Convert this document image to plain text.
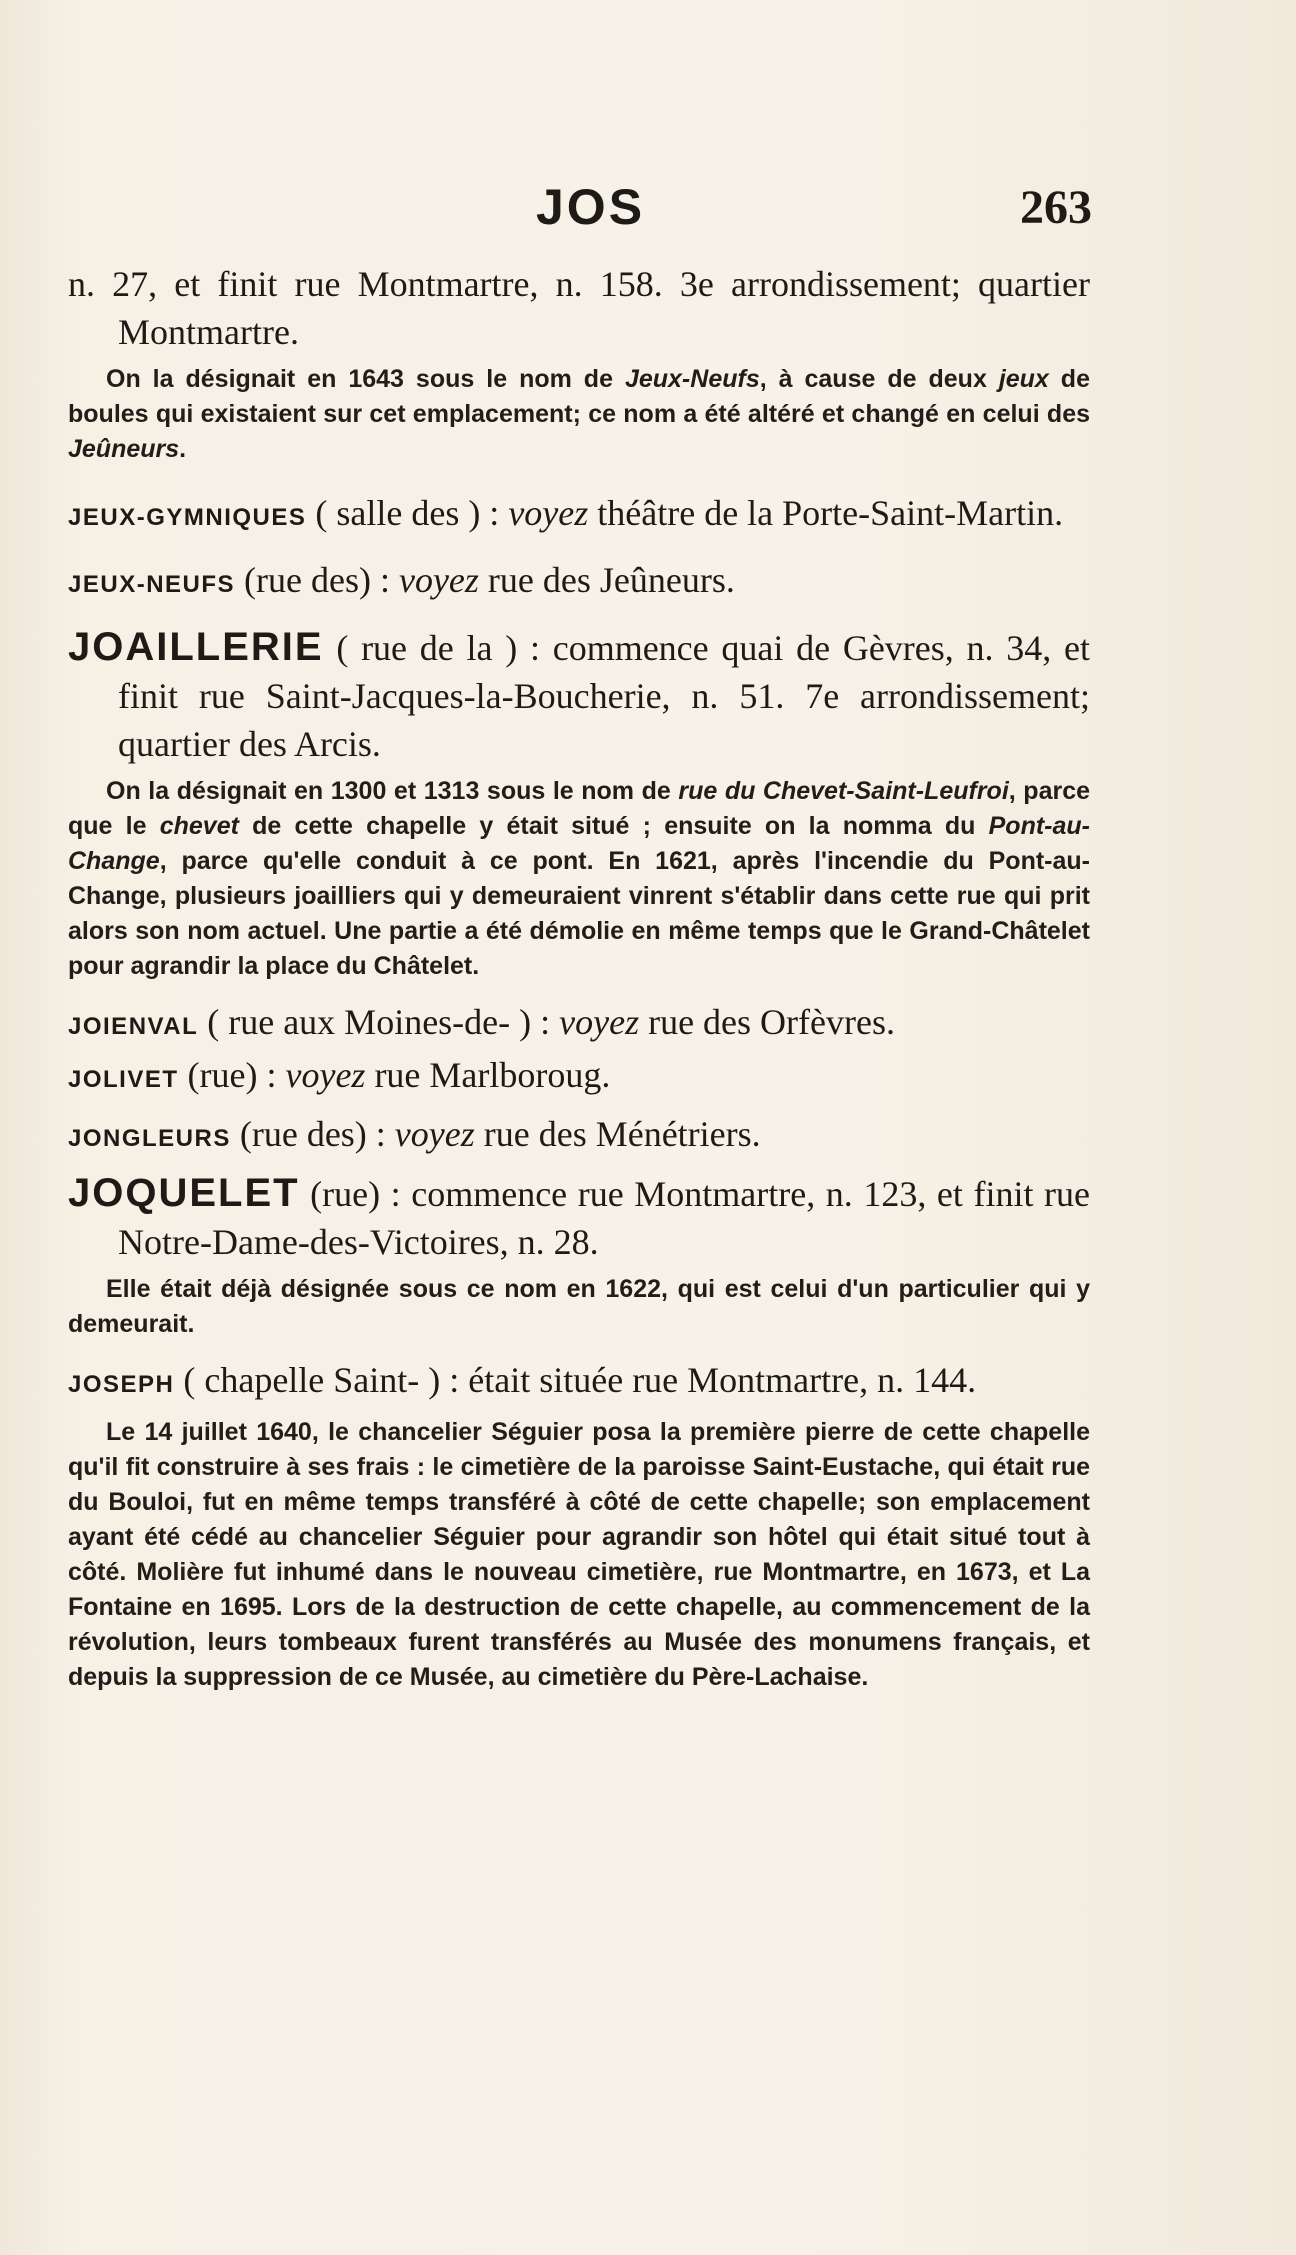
JOS	263

n. 27, et finit rue Montmartre, n. 158. 3e arrondissement; quartier Montmartre.

On la désignait en 1643 sous le nom de Jeux-Neufs, à cause de deux jeux de boules qui existaient sur cet emplacement; ce nom a été altéré et changé en celui des Jeûneurs.

JEUX-GYMNIQUES ( salle des ) : voyez théâtre de la Porte-Saint-Martin.

JEUX-NEUFS (rue des) : voyez rue des Jeûneurs.

JOAILLERIE ( rue de la ) : commence quai de Gèvres, n. 34, et finit rue Saint-Jacques-la-Boucherie, n. 51. 7e arrondissement; quartier des Arcis.

On la désignait en 1300 et 1313 sous le nom de rue du Chevet-Saint-Leufroi, parce que le chevet de cette chapelle y était situé ; ensuite on la nomma du Pont-au-Change, parce qu'elle conduit à ce pont. En 1621, après l'incendie du Pont-au-Change, plusieurs joailliers qui y demeuraient vinrent s'établir dans cette rue qui prit alors son nom actuel. Une partie a été démolie en même temps que le Grand-Châtelet pour agrandir la place du Châtelet.

JOIENVAL ( rue aux Moines-de- ) : voyez rue des Orfèvres.

JOLIVET (rue) : voyez rue Marlboroug.

JONGLEURS (rue des) : voyez rue des Ménétriers.

JOQUELET (rue) : commence rue Montmartre, n. 123, et finit rue Notre-Dame-des-Victoires, n. 28.

Elle était déjà désignée sous ce nom en 1622, qui est celui d'un particulier qui y demeurait.

JOSEPH ( chapelle Saint- ) : était située rue Montmartre, n. 144.

Le 14 juillet 1640, le chancelier Séguier posa la première pierre de cette chapelle qu'il fit construire à ses frais : le cimetière de la paroisse Saint-Eustache, qui était rue du Bouloi, fut en même temps transféré à côté de cette chapelle; son emplacement ayant été cédé au chancelier Séguier pour agrandir son hôtel qui était situé tout à côté. Molière fut inhumé dans le nouveau cimetière, rue Montmartre, en 1673, et La Fontaine en 1695. Lors de la destruction de cette chapelle, au commencement de la révolution, leurs tombeaux furent transférés au Musée des monumens français, et depuis la suppression de ce Musée, au cimetière du Père-Lachaise.
